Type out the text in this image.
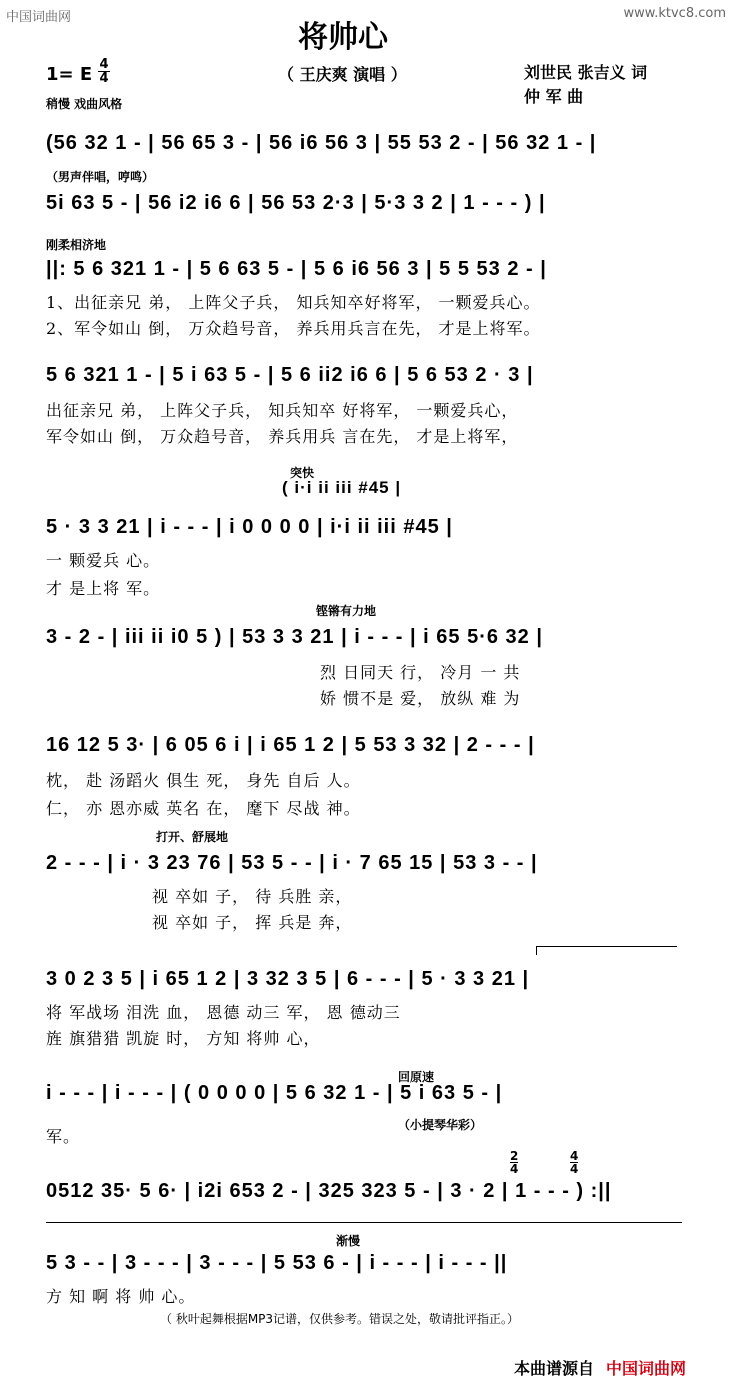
中国词曲网	www.ktvc8.com
将帅心
（ 王庆爽 演唱 ）
1= E $\frac{4}{4}$
稍慢 戏曲风格
刘世民 张吉义 词
仲 军 曲
(56 32 1 - | 56 65 3 - | 56 i6 56 3 | 55 53 2 - | 56 32 1 - |
（男声伴唱，哼鸣）
5i 63 5 - | 56 i2 i6 6 | 56 53 2·3 | 5·3 3 2 | 1 - - - ) |
刚柔相济地
||: 5 6 321 1 - | 5 6 63 5 - | 5 6 i6 56 3 | 5 5 53 2 - |
1、出征亲兄 弟， 上阵父子兵， 知兵知卒好将军， 一颗爱兵心。
2、军令如山 倒， 万众趋号音， 养兵用兵言在先， 才是上将军。
5 6 321 1 - | 5 i 63 5 - | 5 6 ii2 i6 6 | 5 6 53 2 · 3 |
出征亲兄 弟， 上阵父子兵， 知兵知卒 好将军， 一颗爱兵心，
军令如山 倒， 万众趋号音， 养兵用兵 言在先， 才是上将军，
突快
( i·i ii iii #45 |
5 · 3 3 21 | i - - - | i 0 0 0 0 | i·i ii iii #45 |
一 颗爱兵 心。
才 是上将 军。
铿锵有力地
3 - 2 - | iii ii i0 5 ) | 53 3 3 21 | i - - - | i 65 5·6 32 |
烈 日同天 行， 冷月 一 共
娇 惯不是 爱， 放纵 难 为
16 12 5 3· | 6 05 6 i | i 65 1 2 | 5 53 3 32 | 2 - - - |
枕， 赴 汤蹈火 俱生 死， 身先 自后 人。
仁， 亦 恩亦威 英名 在， 麾下 尽战 神。
打开、舒展地
2 - - - | i · 3 23 76 | 53 5 - - | i · 7 65 15 | 53 3 - - |
视 卒如 子， 待 兵胜 亲，
视 卒如 子， 挥 兵是 奔，
3 0 2 3 5 | i 65 1 2 | 3 32 3 5 | 6 - - - | 5 · 3 3 21 |
将 军战场 泪洗 血， 恩德 动三 军， 恩 德动三
旌 旗猎猎 凯旋 时， 方知 将帅 心，
回原速
i - - - | i - - - | ( 0 0 0 0 | 5 6 32 1 - | 5 i 63 5 - |
军。
（小提琴华彩）
$\frac{2}{4}$	$\frac{4}{4}$
0512 35· 5 6· | i2i 653 2 - | 325 323 5 - | 3 · 2 | 1 - - - ) :||
渐慢
5 3 - - | 3 - - - | 3 - - - | 5 53 6 - | i - - - | i - - - ||
方 知 啊 将 帅 心。
（ 秋叶起舞根据MP3记谱，仅供参考。错误之处，敬请批评指正。）
本曲谱源自 中国词曲网
